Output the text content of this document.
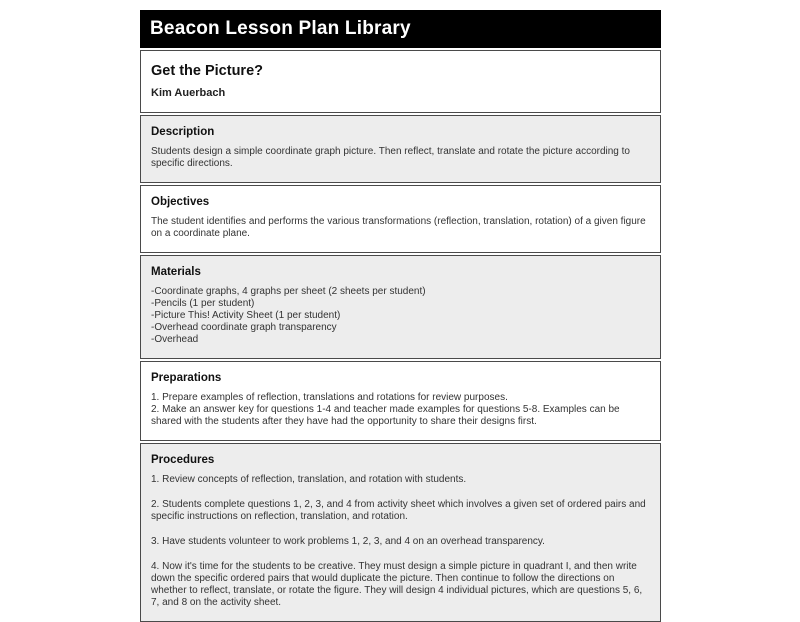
Beacon Lesson Plan Library
Get the Picture?
Kim Auerbach
Description

Students design a simple coordinate graph picture. Then reflect, translate and rotate the picture according to specific directions.

Objectives

The student identifies and performs the various transformations (reflection, translation, rotation) of a given figure on a coordinate plane.

Materials

-Coordinate graphs, 4 graphs per sheet (2 sheets per student)

-Pencils (1 per student)

-Picture This! Activity Sheet (1 per student)

-Overhead coordinate graph transparency

-Overhead

Preparations

1. Prepare examples of reflection, translations and rotations for review purposes.

2. Make an answer key for questions 1-4 and teacher made examples for questions 5-8. Examples can be shared with the students after they have had the opportunity to share their designs first.

Procedures

1. Review concepts of reflection, translation, and rotation with students.

2. Students complete questions 1, 2, 3, and 4 from activity sheet which involves a given set of ordered pairs and specific instructions on reflection, translation, and rotation.

3. Have students volunteer to work problems 1, 2, 3, and 4 on an overhead transparency.

4. Now it's time for the students to be creative. They must design a simple picture in quadrant I, and then write down the specific ordered pairs that would duplicate the picture. Then continue to follow the directions on whether to reflect, translate, or rotate the figure. They will design 4 individual pictures, which are questions 5, 6, 7, and 8 on the activity sheet.
